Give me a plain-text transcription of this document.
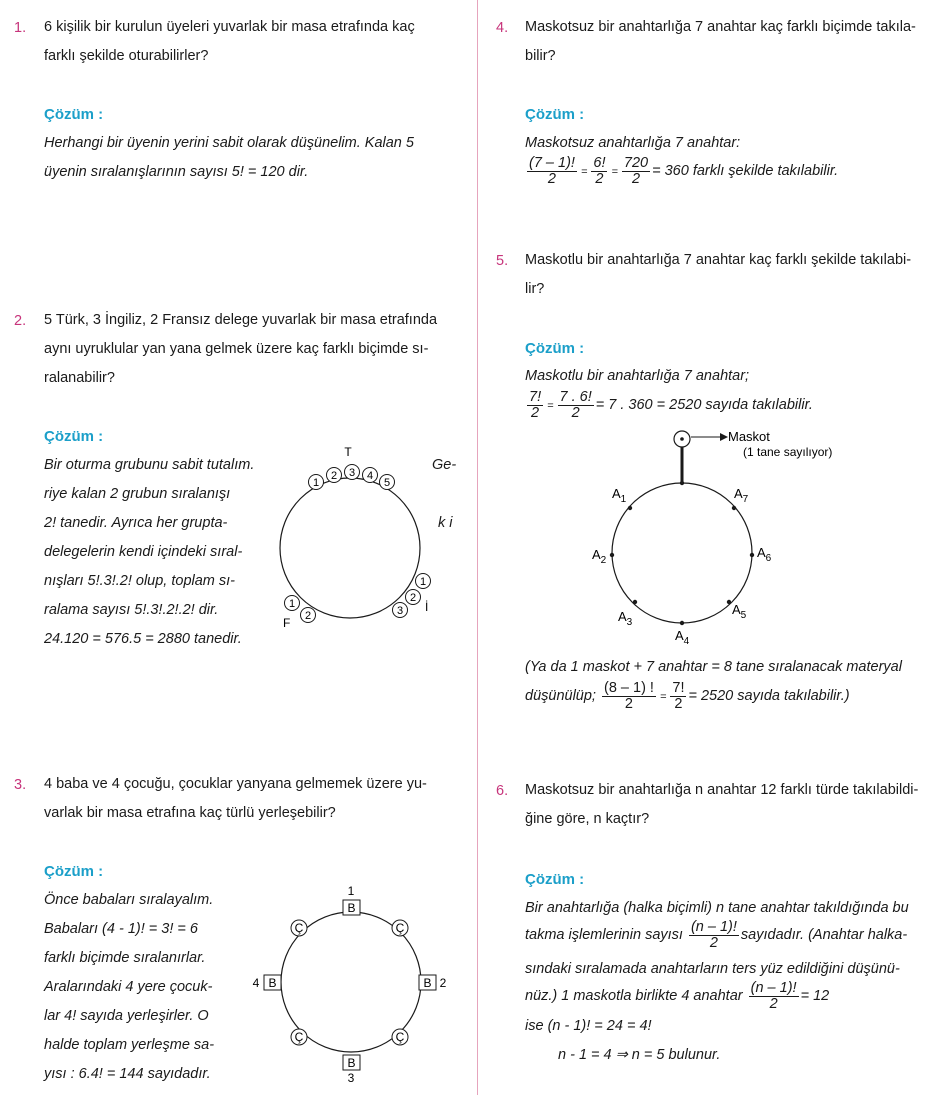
1. 6 kişilik bir kurulun üyeleri yuvarlak bir masa etrafında kaç
farklı şekilde oturabilirler?
Çözüm :
Herhangi bir üyenin yerini sabit olarak düşünelim. Kalan 5
üyenin sıralanışlarının sayısı 5! = 120 dir.
2. 5 Türk, 3 İngiliz, 2 Fransız delege yuvarlak bir masa etrafında
aynı uyruklular yan yana gelmek üzere kaç farklı biçimde sı-
ralanabilir?
Çözüm :
Bir oturma grubunu sabit tutalım.
riye kalan 2 grubun sıralanışı
2! tanedir. Ayrıca her grupta-
delegelerin kendi içindeki sıral-
nışları 5!.3!.2! olup, toplam sı-
ralama sayısı 5!.3!.2!.2! dir.
24.120 = 576.5 = 2880 tanedir.
Ge-
k i
T
1
2 3 4
5
1
2
3
1
2
İ
F
3. 4 baba ve 4 çocuğu, çocuklar yanyana gelmemek üzere yu-
varlak bir masa etrafına kaç türlü yerleşebilir?
Çözüm :
Önce babaları sıralayalım.
Babaları (4 - 1)! = 3! = 6
farklı biçimde sıralanırlar.
Aralarındaki 4 yere çocuk-
lar 4! sayıda yerleşirler. O
halde toplam yerleşme sa-
yısı : 6.4! = 144 sayıdadır.
1
B
B
4	B 2
B
3
Ç	Ç
Ç	Ç
4. Maskotsuz bir anahtarlığa 7 anahtar kaç farklı biçimde takıla-
bilir?
Çözüm :
Maskotsuz anahtarlığa 7 anahtar:
$\frac{(7 - 1)!}{2} = \frac{6!}{2} = \frac{720}{2} = 360$ farklı şekilde takılabilir.
5. Maskotlu bir anahtarlığa 7 anahtar kaç farklı şekilde takılabi-
lir?
Çözüm :
Maskotlu bir anahtarlığa 7 anahtar;
$\frac{7!}{2} = \frac{7 . 6!}{2} = 7$ . 360 = 2520 sayıda takılabilir.
Maskot
(1 tane sayılıyor)
$A_1$
$A_2$
$A_3$
$A_4$
$A_5$
$A_6$
$A_7$
(Ya da 1 maskot + 7 anahtar = 8 tane sıralanacak materyal
düşünülüp; $\frac{(8 - 1) !}{2} = \frac{7!}{2} = 2520$ sayıda takılabilir.)
6. Maskotsuz bir anahtarlığa n anahtar 12 farklı türde takılabildi-
ğine göre, n kaçtır?
Çözüm :
Bir anahtarlığa (halka biçimli) n tane anahtar takıldığında bu
takma işlemlerinin sayısı $\frac{(n - 1)!}{2}$ sayıdadır. (Anahtar halka-
sındaki sıralamada anahtarların ters yüz edildiğini düşünü-
nüz.) 1 maskotla birlikte 4 anahtar $\frac{(n - 1)!}{2} = 12$
ise (n - 1)! = 24 = 4!
n - 1 = 4 ⇒ n = 5 bulunur.
